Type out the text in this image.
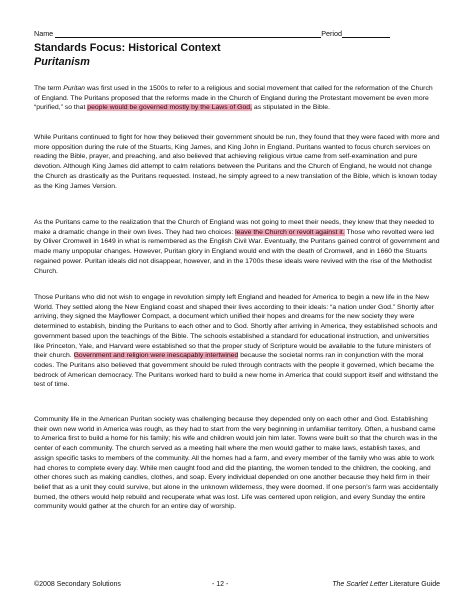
Name	Period
Standards Focus: Historical Context
Puritanism

The term Puritan was first used in the 1500s to refer to a religious and social movement that called for the reformation of the Church of England. The Puritans proposed that the reforms made in the Church of England during the Protestant movement be even more “purified,” so that people would be governed mostly by the Laws of God, as stipulated in the Bible.

While Puritans continued to fight for how they believed their government should be run, they found that they were faced with more and more opposition during the rule of the Stuarts, King James, and King John in England. Puritans wanted to focus church services on reading the Bible, prayer, and preaching, and also believed that achieving religious virtue came from self-examination and pure devotion. Although King James did attempt to calm relations between the Puritans and the Church of England, he would not change the Church as drastically as the Puritans requested. Instead, he simply agreed to a new translation of the Bible, which is known today as the King James Version.

As the Puritans came to the realization that the Church of England was not going to meet their needs, they knew that they needed to make a dramatic change in their own lives. They had two choices: leave the Church or revolt against it. Those who revolted were led by Oliver Cromwell in 1649 in what is remembered as the English Civil War. Eventually, the Puritans gained control of government and made many unpopular changes. However, Puritan glory in England would end with the death of Cromwell, and in 1660 the Stuarts regained power. Puritan ideals did not disappear, however, and in the 1700s these ideals were revived with the rise of the Methodist Church.

Those Puritans who did not wish to engage in revolution simply left England and headed for America to begin a new life in the New World. They settled along the New England coast and shaped their lives according to their ideals: “a nation under God.” Shortly after arriving, they signed the Mayflower Compact, a document which unified their hopes and dreams for the new society they were determined to establish, binding the Puritans to each other and to God. Shortly after arriving in America, they established schools and government based upon the teachings of the Bible. The schools established a standard for educational instruction, and universities like Princeton, Yale, and Harvard were established so that the proper study of Scripture would be available to the future ministers of their church. Government and religion were inescapably intertwined because the societal norms ran in conjunction with the moral codes. The Puritans also believed that government should be ruled through contracts with the people it governed, which became the bedrock of American democracy. The Puritans worked hard to build a new home in America that could support itself and withstand the test of time.

Community life in the American Puritan society was challenging because they depended only on each other and God. Establishing their own new world in America was rough, as they had to start from the very beginning in unfamiliar territory. Often, a husband came to America first to build a home for his family; his wife and children would join him later. Towns were built so that the church was in the center of each community. The church served as a meeting hall where the men would gather to make laws, establish taxes, and assign specific tasks to members of the community. All the homes had a farm, and every member of the family who was able to work had chores to complete every day. While men caught food and did the planting, the women tended to the children, the cooking, and other chores such as making candles, clothes, and soap. Every individual depended on one another because they held firm in their belief that as a unit they could survive, but alone in the unknown wilderness, they were doomed. If one person’s farm was accidentally burned, the others would help rebuild and recuperate what was lost. Life was centered upon religion, and every Sunday the entire community would gather at the church for an entire day of worship.

©2008 Secondary Solutions	- 12 -	The Scarlet Letter Literature Guide
